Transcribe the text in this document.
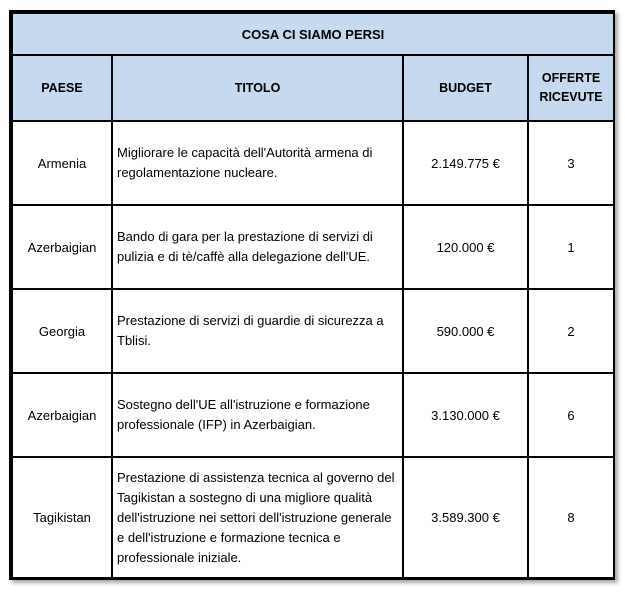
COSA CI SIAMO PERSI			
PAESE	TITOLO	BUDGET	OFFERTE RICEVUTE
Armenia	Migliorare le capacità dell'Autorità armena di regolamentazione nucleare.	2.149.775 €	3
Azerbaigian	Bando di gara per la prestazione di servizi di pulizia e di tè/caffè alla delegazione dell'UE.	120.000 €	1
Georgia	Prestazione di servizi di guardie di sicurezza a Tblisi.	590.000 €	2
Azerbaigian	Sostegno dell'UE all'istruzione e formazione professionale (IFP) in Azerbaigian.	3.130.000 €	6
Tagikistan	Prestazione di assistenza tecnica al governo del Tagikistan a sostegno di una migliore qualità dell'istruzione nei settori dell'istruzione generale e dell'istruzione e formazione tecnica e professionale iniziale.	3.589.300 €	8
